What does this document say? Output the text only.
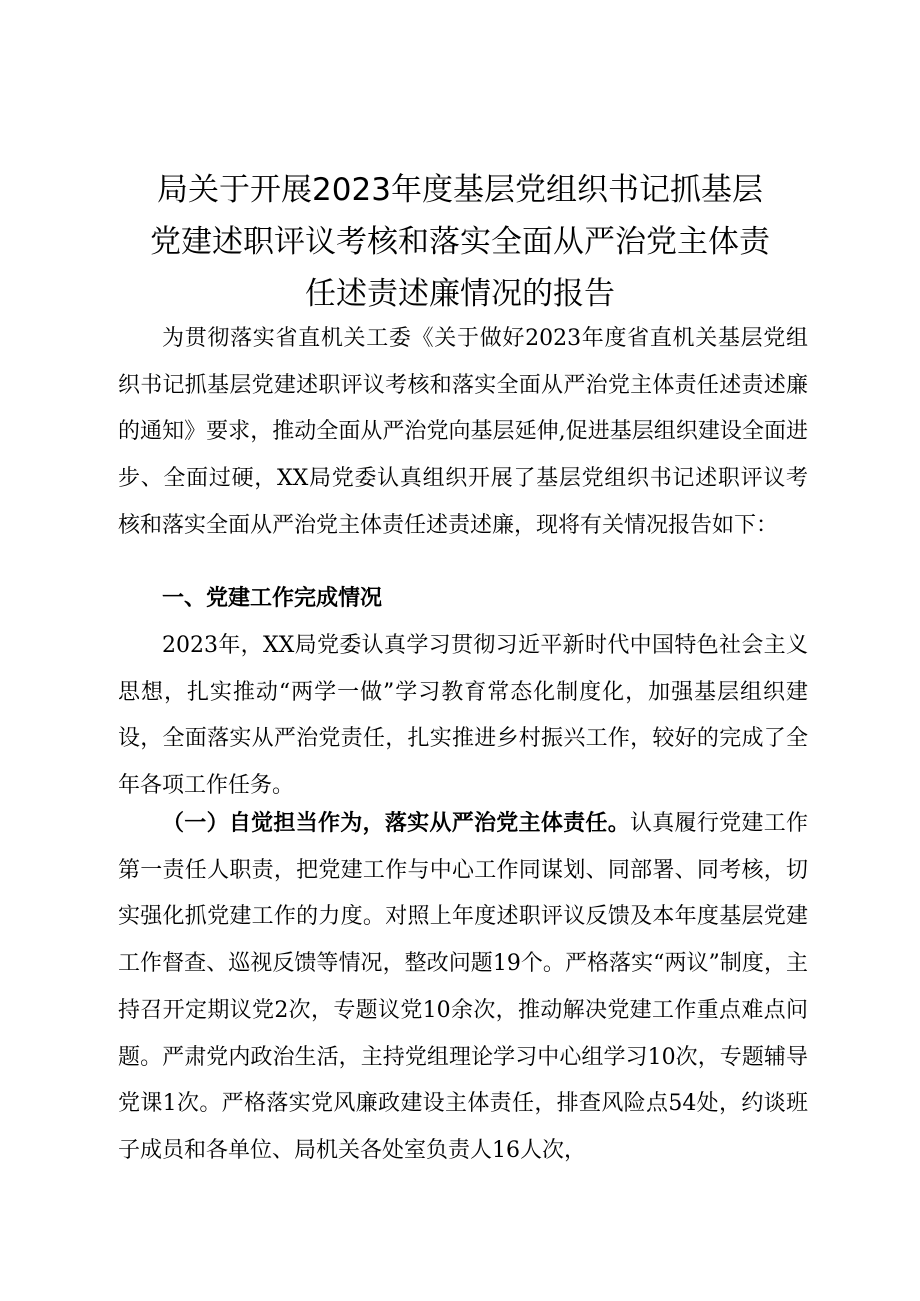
局关于开展2023年度基层党组织书记抓基层
党建述职评议考核和落实全面从严治党主体责
任述责述廉情况的报告

为贯彻落实省直机关工委《关于做好2023年度省直机关基层党组织书记抓基层党建述职评议考核和落实全面从严治党主体责任述责述廉的通知》要求，推动全面从严治党向基层延伸,促进基层组织建设全面进步、全面过硬，XX局党委认真组织开展了基层党组织书记述职评议考核和落实全面从严治党主体责任述责述廉，现将有关情况报告如下：

一、党建工作完成情况

2023年，XX局党委认真学习贯彻习近平新时代中国特色社会主义思想，扎实推动“两学一做”学习教育常态化制度化，加强基层组织建设，全面落实从严治党责任，扎实推进乡村振兴工作，较好的完成了全年各项工作任务。

（一）自觉担当作为，落实从严治党主体责任。认真履行党建工作第一责任人职责，把党建工作与中心工作同谋划、同部署、同考核，切实强化抓党建工作的力度。对照上年度述职评议反馈及本年度基层党建工作督查、巡视反馈等情况，整改问题19个。严格落实“两议”制度，主持召开定期议党2次，专题议党10余次，推动解决党建工作重点难点问题。严肃党内政治生活，主持党组理论学习中心组学习10次，专题辅导党课1次。严格落实党风廉政建设主体责任，排查风险点54处，约谈班子成员和各单位、局机关各处室负责人16人次，
